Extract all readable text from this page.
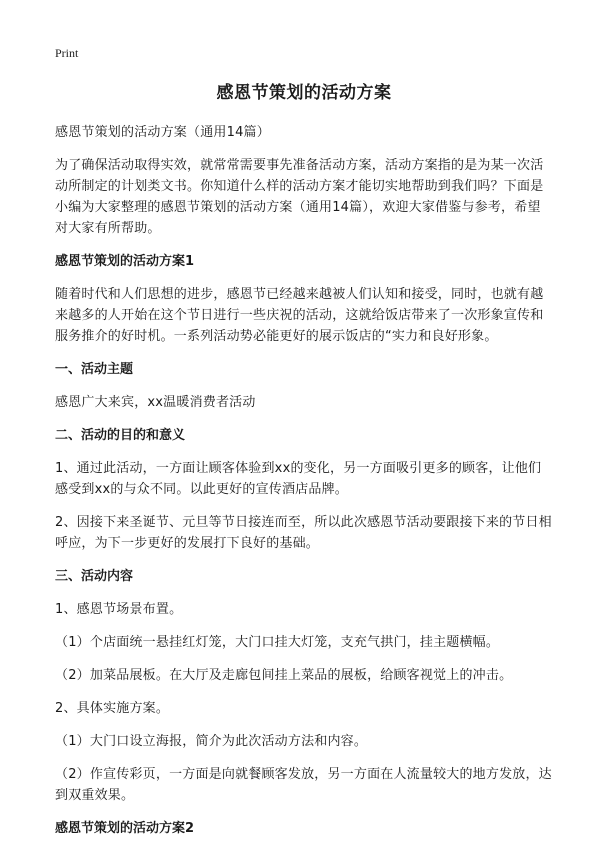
Print
感恩节策划的活动方案
感恩节策划的活动方案（通用14篇）
为了确保活动取得实效，就常常需要事先准备活动方案，活动方案指的是为某一次活动所制定的计划类文书。你知道什么样的活动方案才能切实地帮助到我们吗？下面是小编为大家整理的感恩节策划的活动方案（通用14篇），欢迎大家借鉴与参考，希望对大家有所帮助。
感恩节策划的活动方案1
随着时代和人们思想的进步，感恩节已经越来越被人们认知和接受，同时，也就有越来越多的人开始在这个节日进行一些庆祝的活动，这就给饭店带来了一次形象宣传和服务推介的好时机。一系列活动势必能更好的展示饭店的“实力和良好形象。
一、活动主题
感恩广大来宾，xx温暖消费者活动
二、活动的目的和意义
1、通过此活动，一方面让顾客体验到xx的变化，另一方面吸引更多的顾客，让他们感受到xx的与众不同。以此更好的宣传酒店品牌。
2、因接下来圣诞节、元旦等节日接连而至，所以此次感恩节活动要跟接下来的节日相呼应，为下一步更好的发展打下良好的基础。
三、活动内容
1、感恩节场景布置。
（1）个店面统一悬挂红灯笼，大门口挂大灯笼，支充气拱门，挂主题横幅。
（2）加菜品展板。在大厅及走廊包间挂上菜品的展板，给顾客视觉上的冲击。
2、具体实施方案。
（1）大门口设立海报，简介为此次活动方法和内容。
（2）作宣传彩页，一方面是向就餐顾客发放，另一方面在人流量较大的地方发放，达到双重效果。
感恩节策划的活动方案2
